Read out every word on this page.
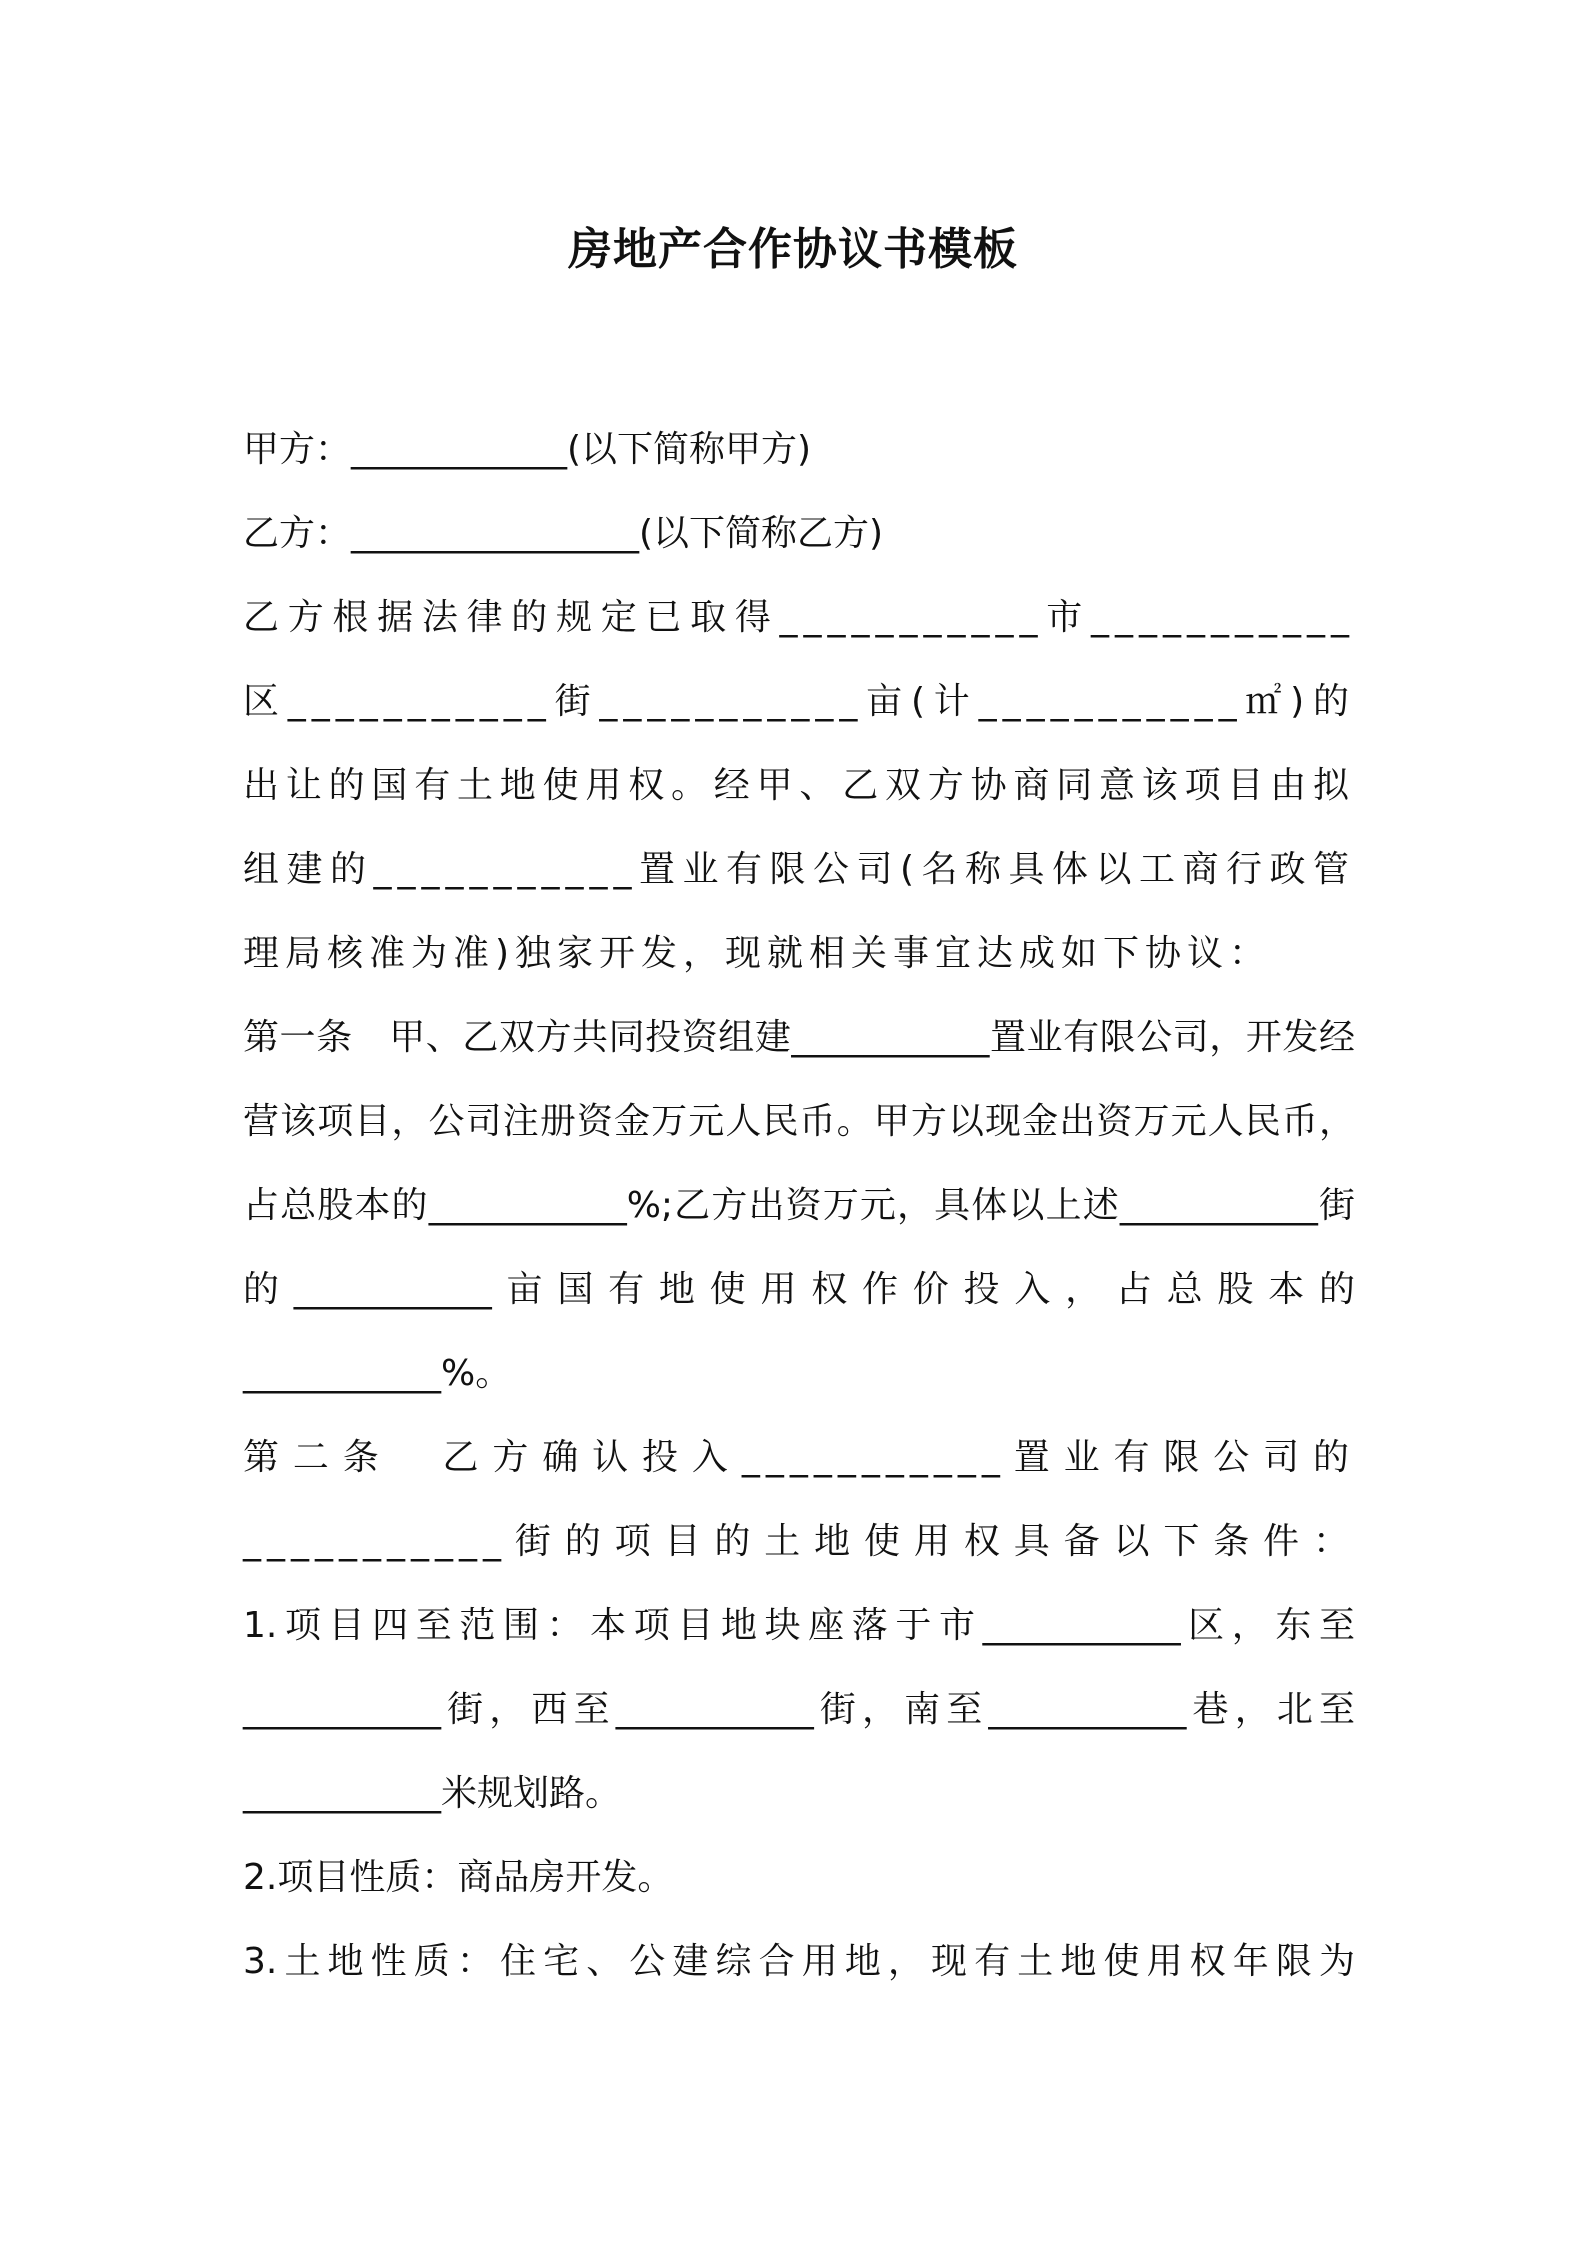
房地产合作协议书模板

甲方：____________(以下简称甲方)

乙方：________________(以下简称乙方)

乙方根据法律的规定已取得___________市___________区___________街___________亩(计___________㎡)的出让的国有土地使用权。经甲、乙双方协商同意该项目由拟组建的___________置业有限公司(名称具体以工商行政管理局核准为准)独家开发，现就相关事宜达成如下协议：

第一条　甲、乙双方共同投资组建___________置业有限公司，开发经营该项目，公司注册资金万元人民币。甲方以现金出资万元人民币，占总股本的___________%;乙方出资万元，具体以上述___________街的___________亩国有地使用权作价投入，占总股本的___________%。

第二条　乙方确认投入___________置业有限公司的___________街的项目的土地使用权具备以下条件：

1.项目四至范围：本项目地块座落于市___________区，东至___________街，西至___________街，南至___________巷，北至___________米规划路。

2.项目性质：商品房开发。

3.土地性质：住宅、公建综合用地，现有土地使用权年限为
